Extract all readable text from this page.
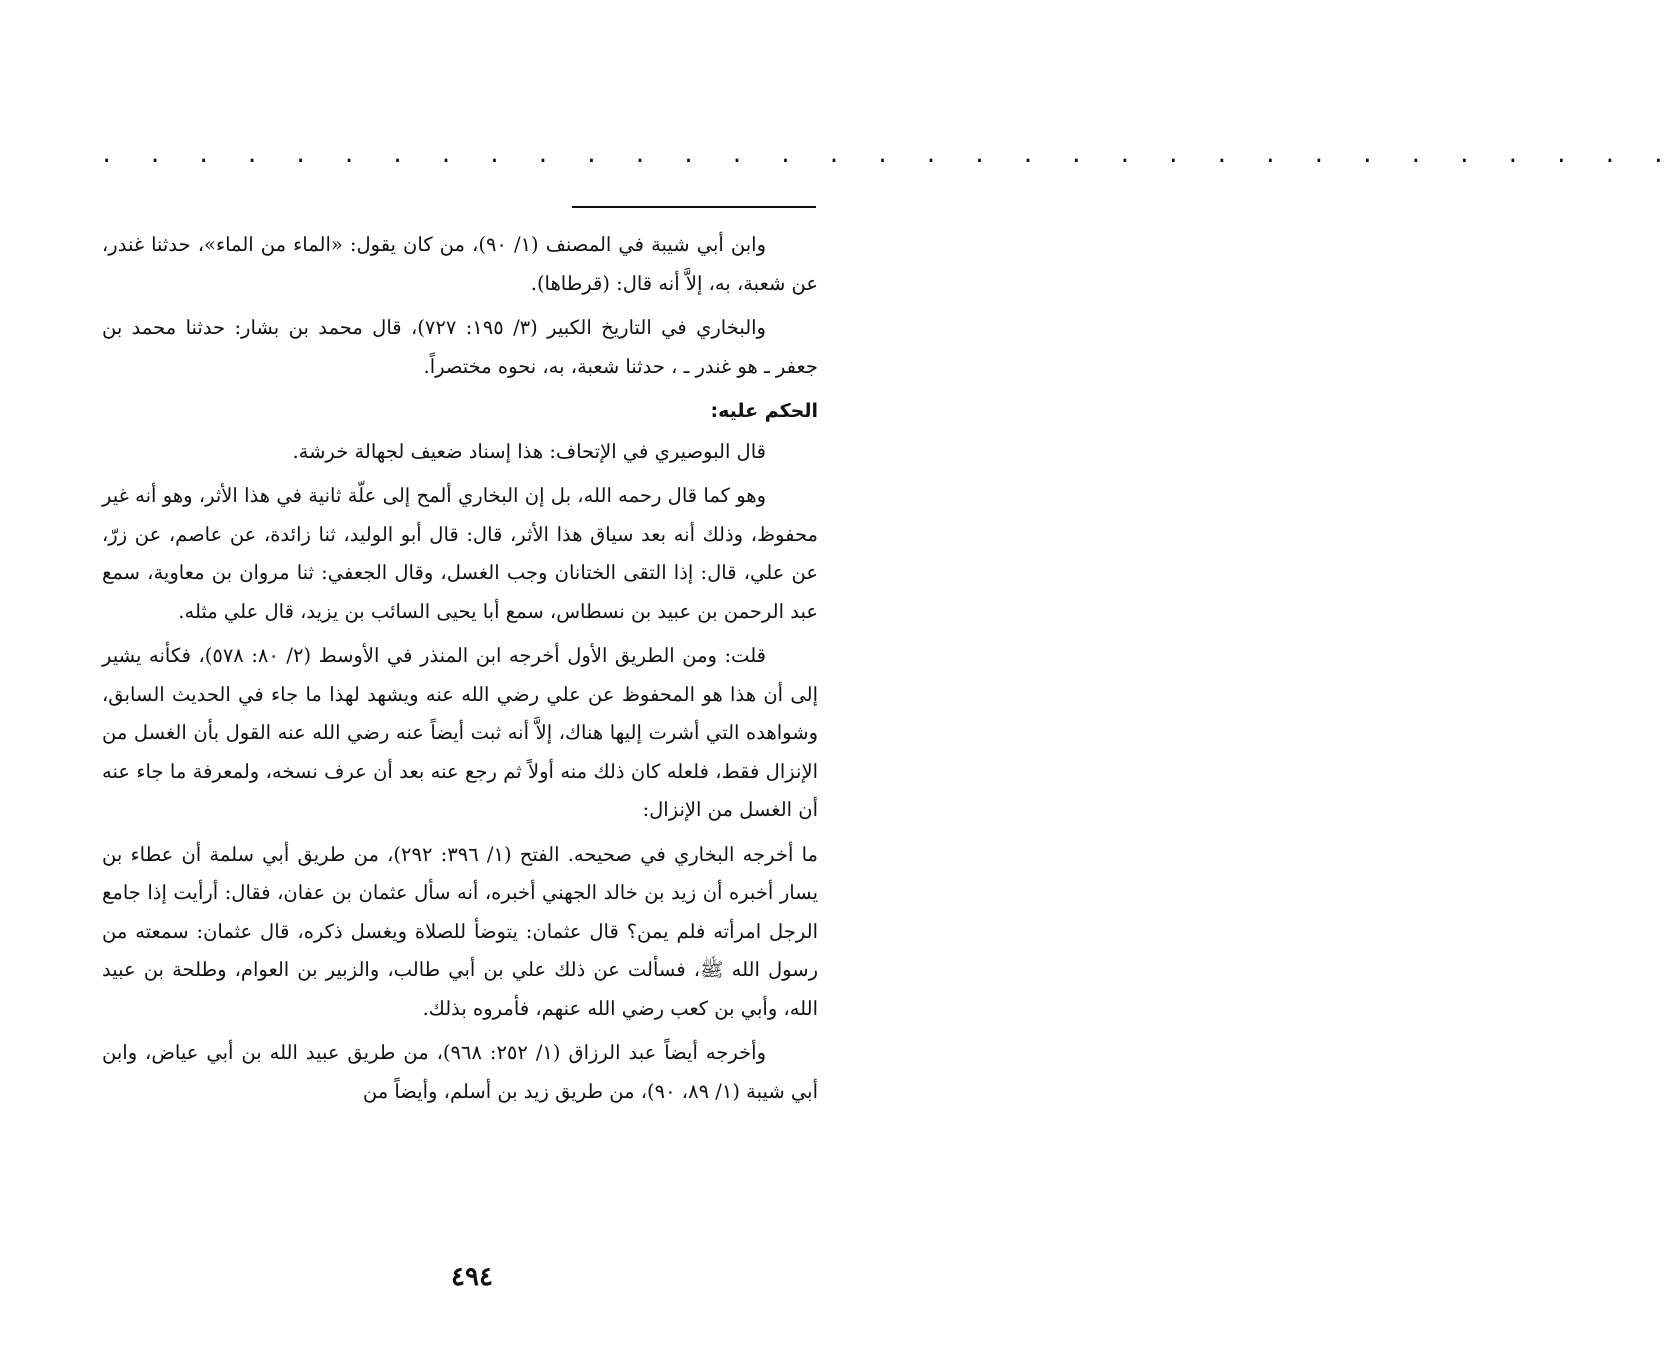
. . . . . . . . . . . . . . . . . . . . . . . . . . . . . . . . .

وابن أبي شيبة في المصنف (١/ ٩٠)، من كان يقول: «الماء من الماء»، حدثنا غندر، عن شعبة، به، إلاَّ أنه قال: (قرطاها).

والبخاري في التاريخ الكبير (٣/ ١٩٥: ٧٢٧)، قال محمد بن بشار: حدثنا محمد بن جعفر ـ هو غندر ـ ، حدثنا شعبة، به، نحوه مختصراً.

الحكم عليه:

قال البوصيري في الإتحاف: هذا إسناد ضعيف لجهالة خرشة.

وهو كما قال رحمه الله، بل إن البخاري ألمح إلى علّة ثانية في هذا الأثر، وهو أنه غير محفوظ، وذلك أنه بعد سياق هذا الأثر، قال: قال أبو الوليد، ثنا زائدة، عن عاصم، عن زرّ، عن علي، قال: إذا التقى الختانان وجب الغسل، وقال الجعفي: ثنا مروان بن معاوية، سمع عبد الرحمن بن عبيد بن نسطاس، سمع أبا يحيى السائب بن يزيد، قال علي مثله.

قلت: ومن الطريق الأول أخرجه ابن المنذر في الأوسط (٢/ ٨٠: ٥٧٨)، فكأنه يشير إلى أن هذا هو المحفوظ عن علي رضي الله عنه ويشهد لهذا ما جاء في الحديث السابق، وشواهده التي أشرت إليها هناك، إلاَّ أنه ثبت أيضاً عنه رضي الله عنه القول بأن الغسل من الإنزال فقط، فلعله كان ذلك منه أولاً ثم رجع عنه بعد أن عرف نسخه، ولمعرفة ما جاء عنه أن الغسل من الإنزال:

ما أخرجه البخاري في صحيحه. الفتح (١/ ٣٩٦: ٢٩٢)، من طريق أبي سلمة أن عطاء بن يسار أخبره أن زيد بن خالد الجهني أخبره، أنه سأل عثمان بن عفان، فقال: أرأيت إذا جامع الرجل امرأته فلم يمن؟ قال عثمان: يتوضأ للصلاة ويغسل ذكره، قال عثمان: سمعته من رسول الله ﷺ، فسألت عن ذلك علي بن أبي طالب، والزبير بن العوام، وطلحة بن عبيد الله، وأبي بن كعب رضي الله عنهم، فأمروه بذلك.

وأخرجه أيضاً عبد الرزاق (١/ ٢٥٢: ٩٦٨)، من طريق عبيد الله بن أبي عياض، وابن أبي شيبة (١/ ٨٩، ٩٠)، من طريق زيد بن أسلم، وأيضاً من

٤٩٤
